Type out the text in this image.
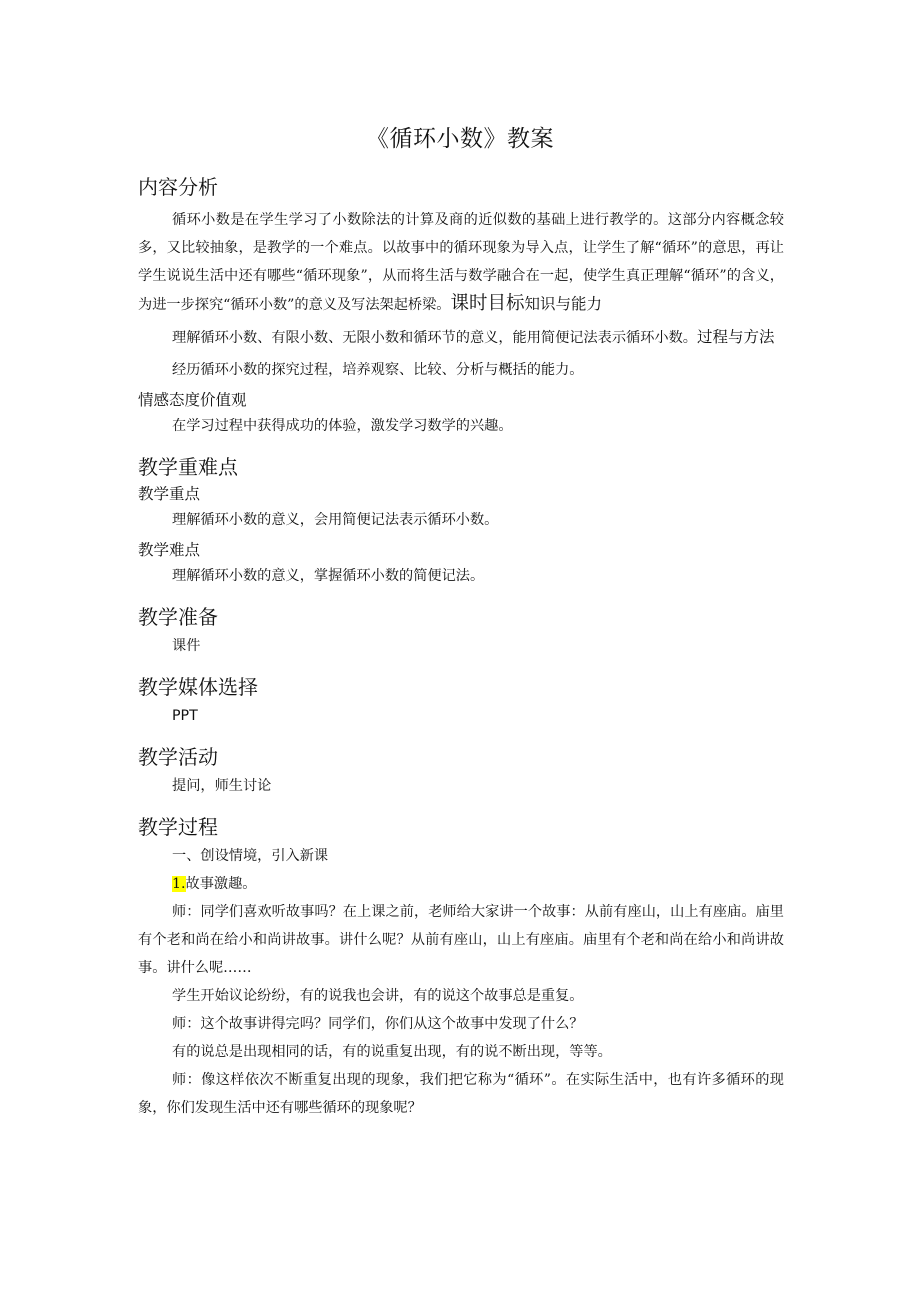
《循环小数》教案

内容分析

循环小数是在学生学习了小数除法的计算及商的近似数的基础上进行教学的。这部分内容概念较多，又比较抽象，是教学的一个难点。以故事中的循环现象为导入点，让学生了解“循环”的意思，再让学生说说生活中还有哪些“循环现象”，从而将生活与数学融合在一起，使学生真正理解“循环”的含义，为进一步探究“循环小数”的意义及写法架起桥梁。课时目标知识与能力

理解循环小数、有限小数、无限小数和循环节的意义，能用简便记法表示循环小数。过程与方法

经历循环小数的探究过程，培养观察、比较、分析与概括的能力。

情感态度价值观

在学习过程中获得成功的体验，激发学习数学的兴趣。

教学重难点

教学重点

理解循环小数的意义，会用简便记法表示循环小数。

教学难点

理解循环小数的意义，掌握循环小数的简便记法。

教学准备

课件

教学媒体选择

PPT

教学活动

提问，师生讨论

教学过程

一、创设情境，引入新课

1.故事激趣。

师：同学们喜欢听故事吗？在上课之前，老师给大家讲一个故事：从前有座山，山上有座庙。庙里有个老和尚在给小和尚讲故事。讲什么呢？从前有座山，山上有座庙。庙里有个老和尚在给小和尚讲故事。讲什么呢……

学生开始议论纷纷，有的说我也会讲，有的说这个故事总是重复。

师：这个故事讲得完吗？同学们，你们从这个故事中发现了什么？

有的说总是出现相同的话，有的说重复出现，有的说不断出现，等等。

师：像这样依次不断重复出现的现象，我们把它称为“循环”。在实际生活中，也有许多循环的现象，你们发现生活中还有哪些循环的现象呢？
